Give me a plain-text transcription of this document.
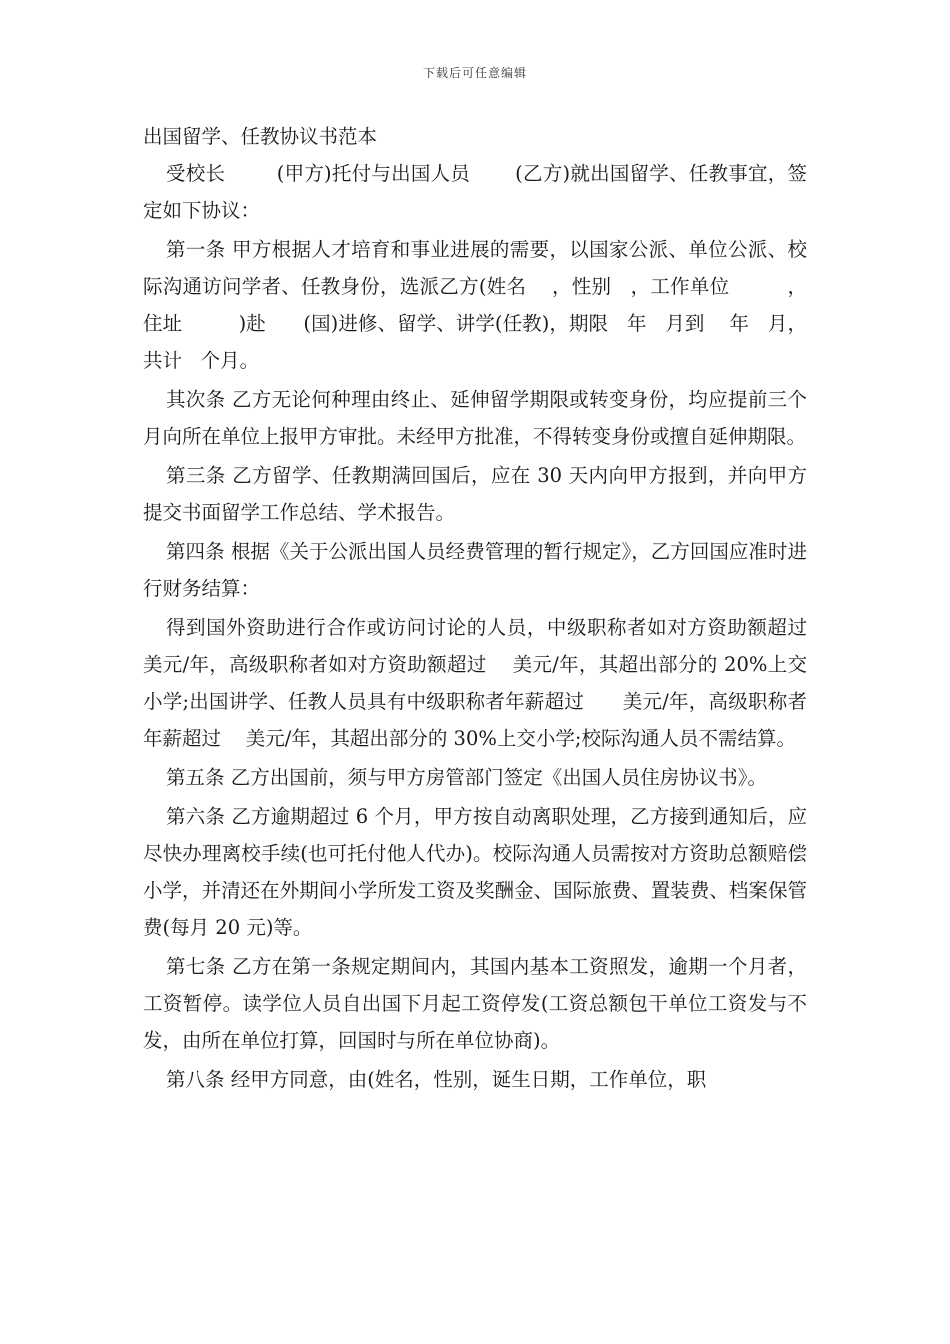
下载后可任意编辑
出国留学、任教协议书范本

受校长        (甲方)托付与出国人员       (乙方)就出国留学、任教事宜，签定如下协议：

第一条 甲方根据人才培育和事业进展的需要，以国家公派、单位公派、校际沟通访问学者、任教身份，选派乙方(姓名    ，性别   ，工作单位         ，住址         )赴      (国)进修、留学、讲学(任教)，期限   年   月到    年   月，共计   个月。

其次条 乙方无论何种理由终止、延伸留学期限或转变身份，均应提前三个月向所在单位上报甲方审批。未经甲方批准，不得转变身份或擅自延伸期限。

第三条 乙方留学、任教期满回国后，应在 30 天内向甲方报到，并向甲方提交书面留学工作总结、学术报告。

第四条 根据《关于公派出国人员经费管理的暂行规定》，乙方回国应准时进行财务结算：

得到国外资助进行合作或访问讨论的人员，中级职称者如对方资助额超过    美元/年，高级职称者如对方资助额超过    美元/年，其超出部分的 20%上交小学;出国讲学、任教人员具有中级职称者年薪超过      美元/年，高级职称者年薪超过    美元/年，其超出部分的 30%上交小学;校际沟通人员不需结算。

第五条 乙方出国前，须与甲方房管部门签定《出国人员住房协议书》。

第六条 乙方逾期超过 6 个月，甲方按自动离职处理，乙方接到通知后，应尽快办理离校手续(也可托付他人代办)。校际沟通人员需按对方资助总额赔偿小学，并清还在外期间小学所发工资及奖酬金、国际旅费、置装费、档案保管费(每月 20 元)等。

第七条 乙方在第一条规定期间内，其国内基本工资照发，逾期一个月者，工资暂停。读学位人员自出国下月起工资停发(工资总额包干单位工资发与不发，由所在单位打算，回国时与所在单位协商)。

第八条 经甲方同意，由(姓名，性别，诞生日期，工作单位，职
